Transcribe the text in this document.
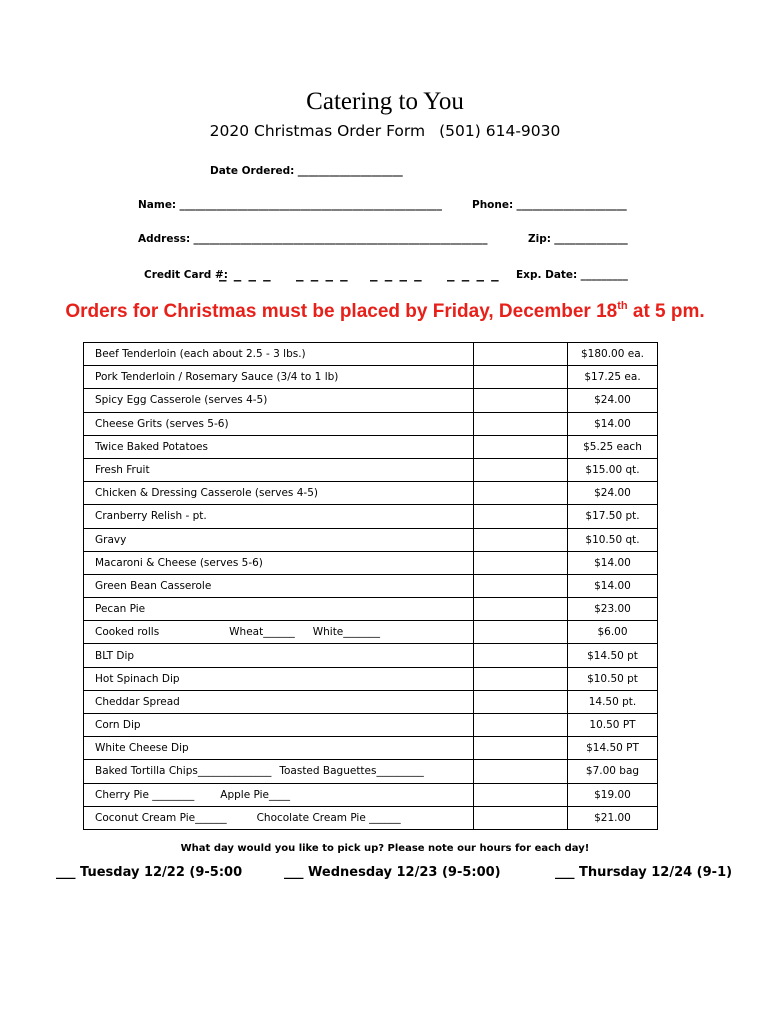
Catering to You
2020 Christmas Order Form (501) 614-9030
Date Ordered: ____________________
Name: __________________________________________________	Phone: _____________________
Address: ________________________________________________________	Zip: ______________
Credit Card #:
_ _ _ _ _ _ _ _ _ _ _ _ _ _ _ _ Exp. Date: _________
Orders for Christmas must be placed by Friday, December 18th at 5 pm.
Beef Tenderloin (each about 2.5 - 3 lbs.)		$180.00 ea.
Pork Tenderloin / Rosemary Sauce (3/4 to 1 lb)		$17.25 ea.
Spicy Egg Casserole (serves 4-5)		$24.00
Cheese Grits (serves 5-6)		$14.00
Twice Baked Potatoes		$5.25 each
Fresh Fruit		$15.00 qt.
Chicken & Dressing Casserole (serves 4-5)		$24.00
Cranberry Relish - pt.		$17.50 pt.
Gravy		$10.50 qt.
Macaroni & Cheese (serves 5-6)		$14.00
Green Bean Casserole		$14.00
Pecan Pie		$23.00
Cooked rolls Wheat______ White_______		$6.00
BLT Dip		$14.50 pt
Hot Spinach Dip		$10.50 pt
Cheddar Spread		14.50 pt.
Corn Dip		10.50 PT
White Cheese Dip		$14.50 PT
Baked Tortilla Chips______________ Toasted Baguettes_________		$7.00 bag
Cherry Pie ________ Apple Pie____		$19.00
Coconut Cream Pie______ Chocolate Cream Pie ______		$21.00
What day would you like to pick up? Please note our hours for each day!
___ Tuesday 12/22 (9-5:00	___ Wednesday 12/23 (9-5:00)	___ Thursday 12/24 (9-1)
